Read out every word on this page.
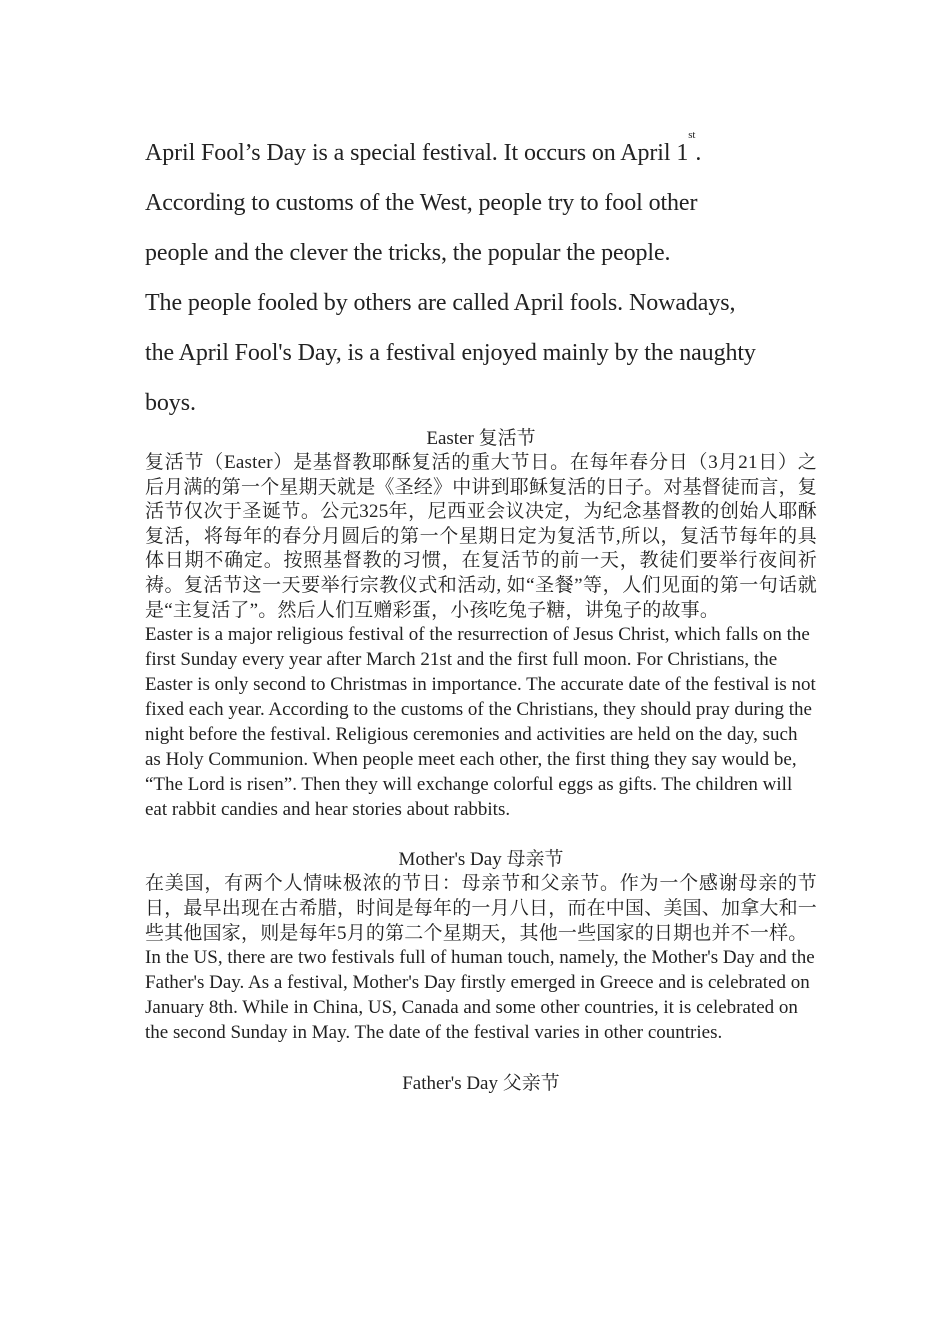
April Fool’s Day is a special festival. It occurs on April 1st.

According to customs of the West, people try to fool other

people and the clever the tricks, the popular the people.

The people fooled by others are called April fools. Nowadays,

the April Fool's Day, is a festival enjoyed mainly by the naughty

boys.

Easter 复活节

复活节（Easter）是基督教耶酥复活的重大节日。在每年春分日（3月21日）之后月满的第一个星期天就是《圣经》中讲到耶稣复活的日子。对基督徒而言，复活节仅次于圣诞节。公元325年，尼西亚会议决定，为纪念基督教的创始人耶酥复活，将每年的春分月圆后的第一个星期日定为复活节,所以，复活节每年的具体日期不确定。按照基督教的习惯，在复活节的前一天，教徒们要举行夜间祈祷。复活节这一天要举行宗教仪式和活动, 如“圣餐”等，人们见面的第一句话就是“主复活了”。然后人们互赠彩蛋，小孩吃兔子糖，讲兔子的故事。

Easter is a major religious festival of the resurrection of Jesus Christ, which falls on the first Sunday every year after March 21st and the first full moon. For Christians, the Easter is only second to Christmas in importance. The accurate date of the festival is not fixed each year. According to the customs of the Christians, they should pray during the night before the festival. Religious ceremonies and activities are held on the day, such as Holy Communion. When people meet each other, the first thing they say would be, “The Lord is risen”. Then they will exchange colorful eggs as gifts. The children will eat rabbit candies and hear stories about rabbits.

Mother's Day 母亲节

在美国，有两个人情味极浓的节日：母亲节和父亲节。作为一个感谢母亲的节日，最早出现在古希腊，时间是每年的一月八日，而在中国、美国、加拿大和一些其他国家，则是每年5月的第二个星期天，其他一些国家的日期也并不一样。

In the US, there are two festivals full of human touch, namely, the Mother's Day and the Father's Day. As a festival, Mother's Day firstly emerged in Greece and is celebrated on January 8th. While in China, US, Canada and some other countries, it is celebrated on the second Sunday in May. The date of the festival varies in other countries.

Father's Day 父亲节
